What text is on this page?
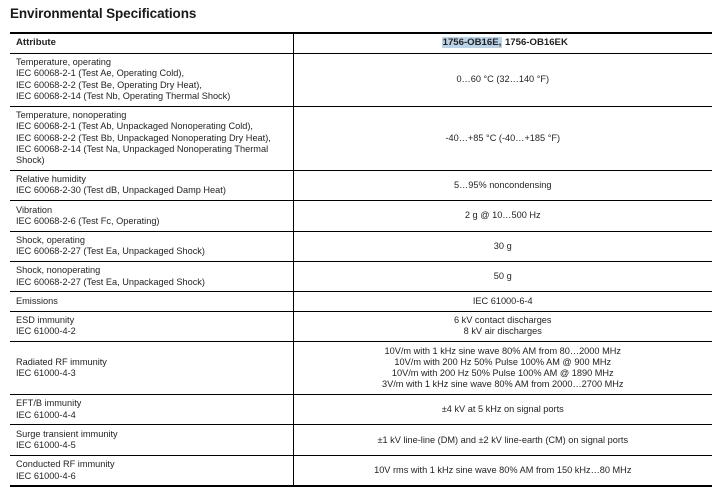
Environmental Specifications
Attribute	1756-OB16E, 1756-OB16EK

Temperature, operating
IEC 60068-2-1 (Test Ae, Operating Cold),
IEC 60068-2-2 (Test Be, Operating Dry Heat),
IEC 60068-2-14 (Test Nb, Operating Thermal Shock)	0…60 °C (32…140 °F)

Temperature, nonoperating
IEC 60068-2-1 (Test Ab, Unpackaged Nonoperating Cold),
IEC 60068-2-2 (Test Bb, Unpackaged Nonoperating Dry Heat),
IEC 60068-2-14 (Test Na, Unpackaged Nonoperating Thermal
Shock)	-40…+85 °C (-40…+185 °F)

Relative humidity
IEC 60068-2-30 (Test dB, Unpackaged Damp Heat)	5…95% noncondensing

Vibration
IEC 60068-2-6 (Test Fc, Operating)	2 g @ 10…500 Hz

Shock, operating
IEC 60068-2-27 (Test Ea, Unpackaged Shock)	30 g

Shock, nonoperating
IEC 60068-2-27 (Test Ea, Unpackaged Shock)	50 g

Emissions	IEC 61000-6-4

ESD immunity
IEC 61000-4-2	6 kV contact discharges
8 kV air discharges

Radiated RF immunity
IEC 61000-4-3	10V/m with 1 kHz sine wave 80% AM from 80…2000 MHz
10V/m with 200 Hz 50% Pulse 100% AM @ 900 MHz
10V/m with 200 Hz 50% Pulse 100% AM @ 1890 MHz
3V/m with 1 kHz sine wave 80% AM from 2000…2700 MHz

EFT/B immunity
IEC 61000-4-4	±4 kV at 5 kHz on signal ports

Surge transient immunity
IEC 61000-4-5	±1 kV line-line (DM) and ±2 kV line-earth (CM) on signal ports

Conducted RF immunity
IEC 61000-4-6	10V rms with 1 kHz sine wave 80% AM from 150 kHz…80 MHz
